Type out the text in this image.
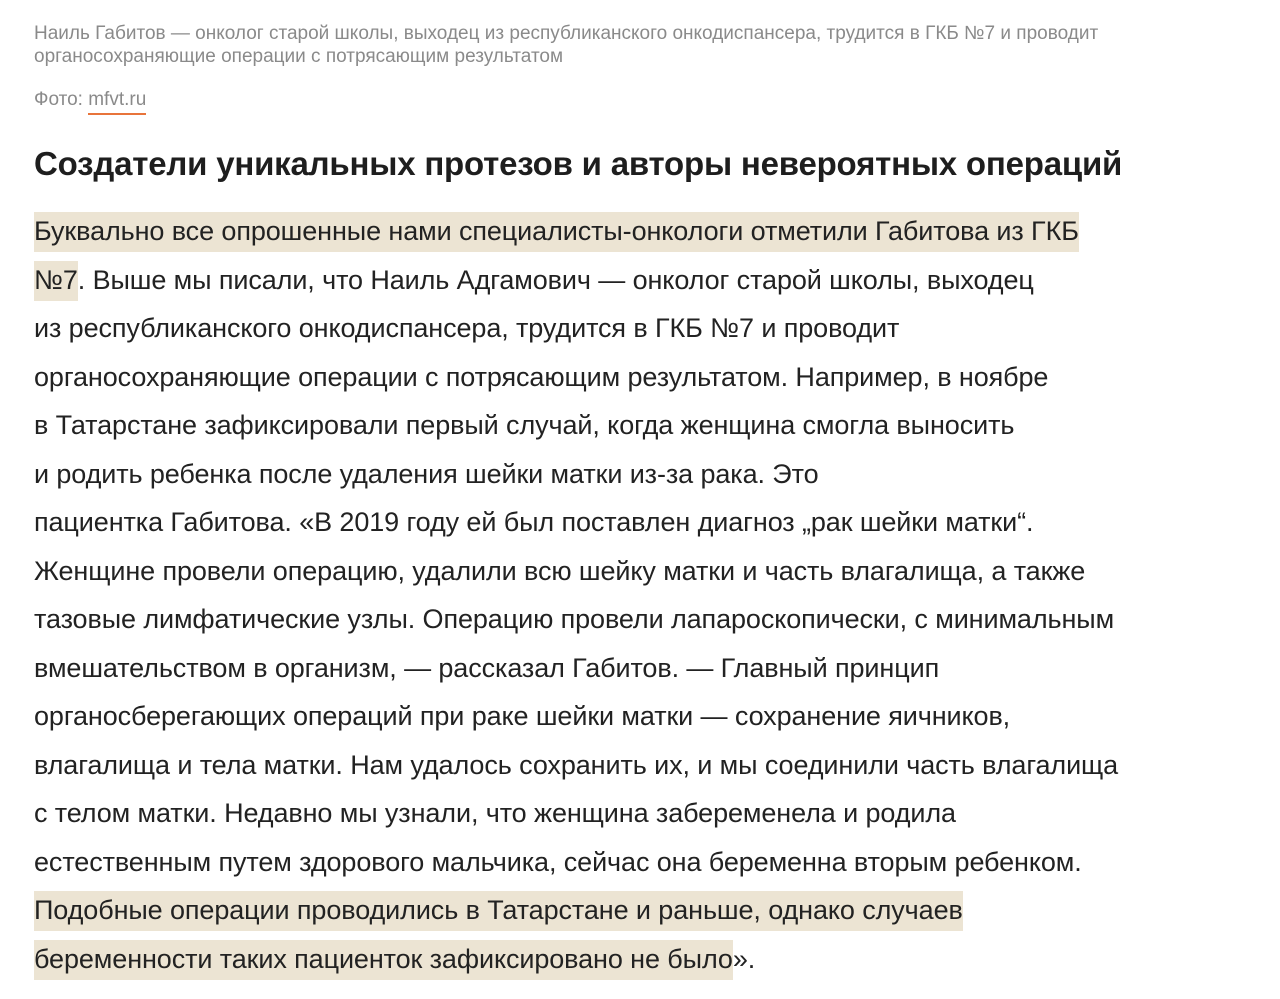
Наиль Габитов — онколог старой школы, выходец из республиканского онкодиспансера, трудится в ГКБ №7 и проводит
органосохраняющие операции с потрясающим результатом

Фото: mfvt.ru
Создатели уникальных протезов и авторы невероятных операций
Буквально все опрошенные нами специалисты-онкологи отметили Габитова из ГКБ
№7. Выше мы писали, что Наиль Адгамович — онколог старой школы, выходец
из республиканского онкодиспансера, трудится в ГКБ №7 и проводит
органосохраняющие операции с потрясающим результатом. Например, в ноябре
в Татарстане зафиксировали первый случай, когда женщина смогла выносить
и родить ребенка после удаления шейки матки из-за рака. Это
пациентка Габитова. «В 2019 году ей был поставлен диагноз „рак шейки матки“.
Женщине провели операцию, удалили всю шейку матки и часть влагалища, а также
тазовые лимфатические узлы. Операцию провели лапароскопически, с минимальным
вмешательством в организм, — рассказал Габитов. — Главный принцип
органосберегающих операций при раке шейки матки — сохранение яичников,
влагалища и тела матки. Нам удалось сохранить их, и мы соединили часть влагалища
с телом матки. Недавно мы узнали, что женщина забеременела и родила
естественным путем здорового мальчика, сейчас она беременна вторым ребенком.
Подобные операции проводились в Татарстане и раньше, однако случаев
беременности таких пациенток зафиксировано не было».
